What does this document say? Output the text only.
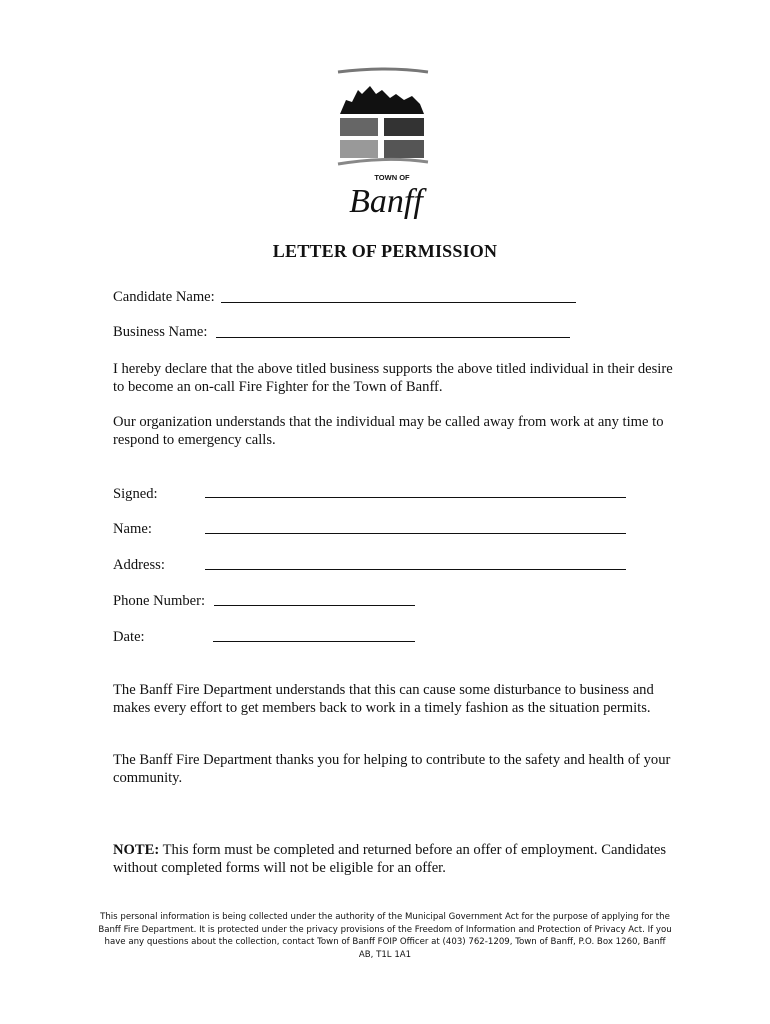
TOWN OF
Banff
LETTER OF PERMISSION
Candidate Name:
Business Name:
I hereby declare that the above titled business supports the above titled individual in their desire to become an on-call Fire Fighter for the Town of Banff.
Our organization understands that the individual may be called away from work at any time to respond to emergency calls.
Signed:
Name:
Address:
Phone Number:
Date:
The Banff Fire Department understands that this can cause some disturbance to business and makes every effort to get members back to work in a timely fashion as the situation permits.
The Banff Fire Department thanks you for helping to contribute to the safety and health of your community.
NOTE: This form must be completed and returned before an offer of employment. Candidates without completed forms will not be eligible for an offer.
This personal information is being collected under the authority of the Municipal Government Act for the purpose of applying for the Banff Fire Department. It is protected under the privacy provisions of the Freedom of Information and Protection of Privacy Act. If you have any questions about the collection, contact Town of Banff FOIP Officer at (403) 762-1209, Town of Banff, P.O. Box 1260, Banff AB, T1L 1A1
